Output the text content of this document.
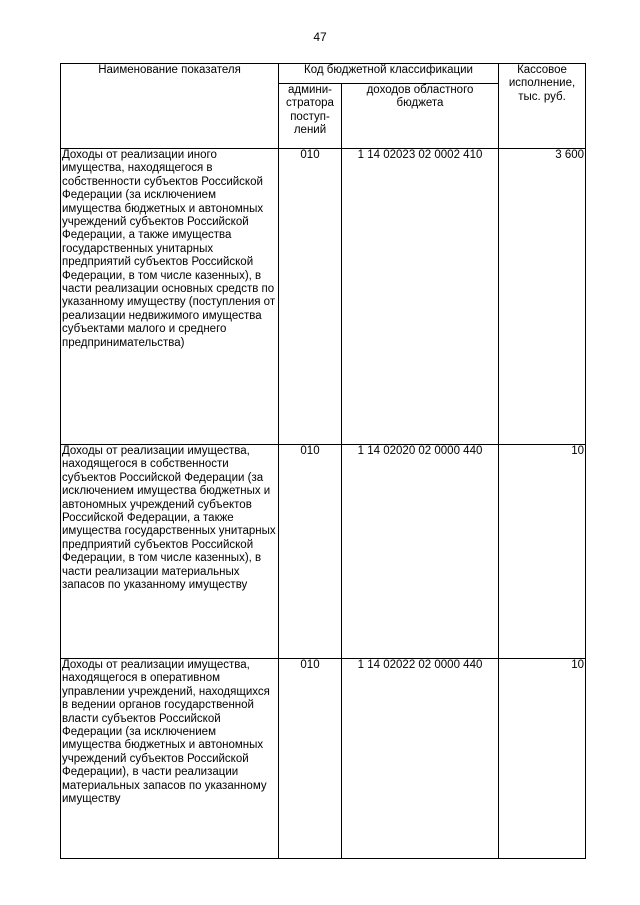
47
Наименование показателя	Код бюджетной классификации		Кассовое исполнение, тыс. руб.
	админи-стратора поступ-лений	доходов областного бюджета	
Доходы от реализации иного имущества, находящегося в собственности субъектов Российской Федерации (за исключением имущества бюджетных и автономных учреждений субъектов Российской Федерации, а также имущества государственных унитарных предприятий субъектов Российской Федерации, в том числе казенных), в части реализации основных средств по указанному имуществу (поступления от реализации недвижимого имущества субъектами малого и среднего предпринимательства)	010	1 14 02023 02 0002 410	3 600
Доходы от реализации имущества, находящегося в собственности субъектов Российской Федерации (за исключением имущества бюджетных и автономных учреждений субъектов Российской Федерации, а также имущества государственных унитарных предприятий субъектов Российской Федерации, в том числе казенных), в части реализации материальных запасов по указанному имуществу	010	1 14 02020 02 0000 440	10
Доходы от реализации имущества, находящегося в оперативном управлении учреждений, находящихся в ведении органов государственной власти субъектов Российской Федерации (за исключением имущества бюджетных и автономных учреждений субъектов Российской Федерации), в части реализации материальных запасов по указанному имуществу	010	1 14 02022 02 0000 440	10
